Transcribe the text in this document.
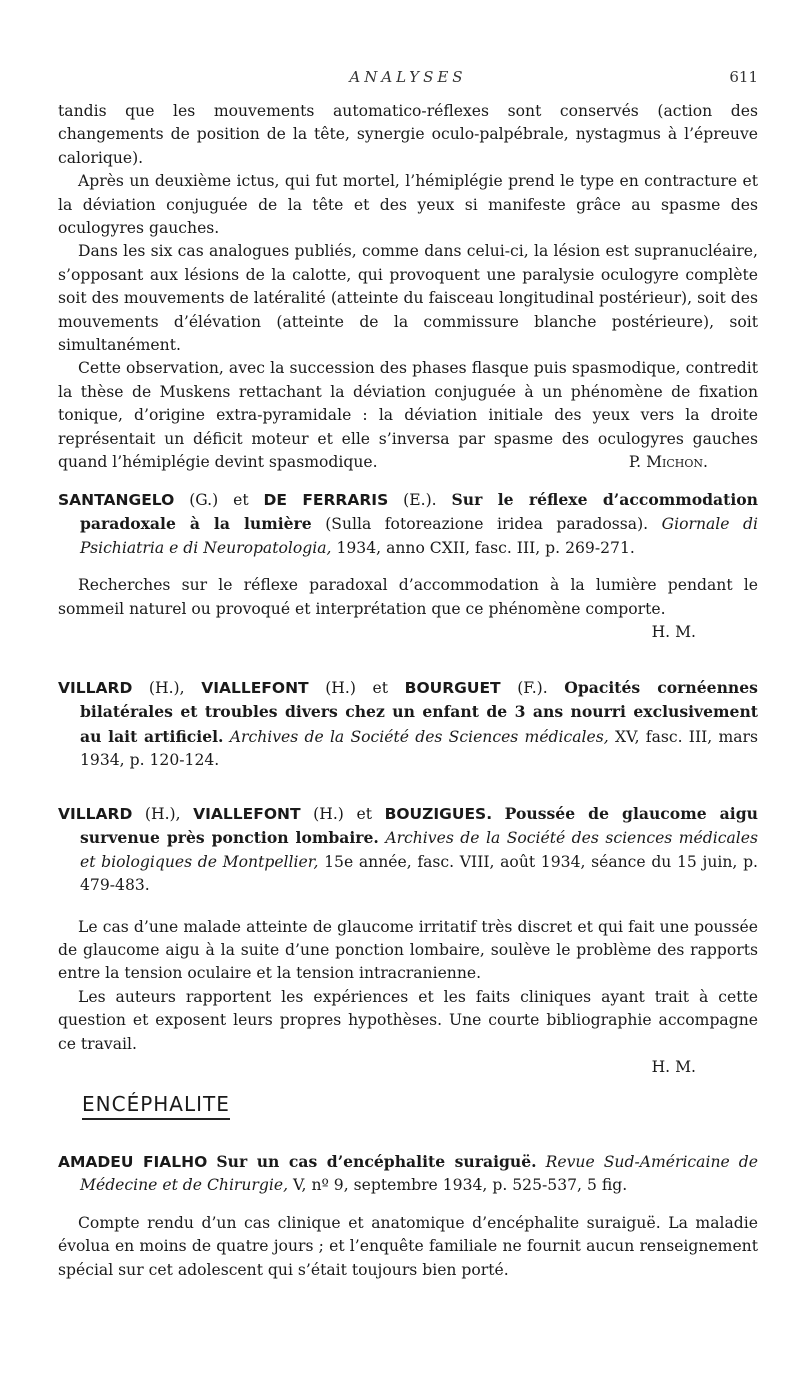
ANALYSES	611

tandis que les mouvements automatico-réflexes sont conservés (action des changements de position de la tête, synergie oculo-palpébrale, nystagmus à l’épreuve calorique).

Après un deuxième ictus, qui fut mortel, l’hémiplégie prend le type en contracture et la déviation conjuguée de la tête et des yeux si manifeste grâce au spasme des oculogyres gauches.

Dans les six cas analogues publiés, comme dans celui-ci, la lésion est supranucléaire, s’opposant aux lésions de la calotte, qui provoquent une paralysie oculogyre complète soit des mouvements de latéralité (atteinte du faisceau longitudinal postérieur), soit des mouvements d’élévation (atteinte de la commissure blanche postérieure), soit simultanément.

Cette observation, avec la succession des phases flasque puis spasmodique, contredit la thèse de Muskens rettachant la déviation conjuguée à un phénomène de fixation tonique, d’origine extra-pyramidale : la déviation initiale des yeux vers la droite représentait un déficit moteur et elle s’inversa par spasme des oculogyres gauches quand l’hémiplégie devint spasmodique.	P. Michon.

SANTANGELO (G.) et DE FERRARIS (E.). Sur le réflexe d’accommodation paradoxale à la lumière (Sulla fotoreazione iridea paradossa). Giornale di Psichiatria e di Neuropatologia, 1934, anno CXII, fasc. III, p. 269-271.

Recherches sur le réflexe paradoxal d’accommodation à la lumière pendant le sommeil naturel ou provoqué et interprétation que ce phénomène comporte.

H. M.

VILLARD (H.), VIALLEFONT (H.) et BOURGUET (F.). Opacités cornéennes bilatérales et troubles divers chez un enfant de 3 ans nourri exclusivement au lait artificiel. Archives de la Société des Sciences médicales, XV, fasc. III, mars 1934, p. 120-124.

VILLARD (H.), VIALLEFONT (H.) et BOUZIGUES. Poussée de glaucome aigu survenue près ponction lombaire. Archives de la Société des sciences médicales et biologiques de Montpellier, 15e année, fasc. VIII, août 1934, séance du 15 juin, p. 479-483.

Le cas d’une malade atteinte de glaucome irritatif très discret et qui fait une poussée de glaucome aigu à la suite d’une ponction lombaire, soulève le problème des rapports entre la tension oculaire et la tension intracranienne.

Les auteurs rapportent les expériences et les faits cliniques ayant trait à cette question et exposent leurs propres hypothèses. Une courte bibliographie accompagne ce travail.

H. M.
ENCÉPHALITE

AMADEU FIALHO Sur un cas d’encéphalite suraiguë. Revue Sud-Américaine de Médecine et de Chirurgie, V, nº 9, septembre 1934, p. 525-537, 5 fig.

Compte rendu d’un cas clinique et anatomique d’encéphalite suraiguë. La maladie évolua en moins de quatre jours ; et l’enquête familiale ne fournit aucun renseignement spécial sur cet adolescent qui s’était toujours bien porté.
